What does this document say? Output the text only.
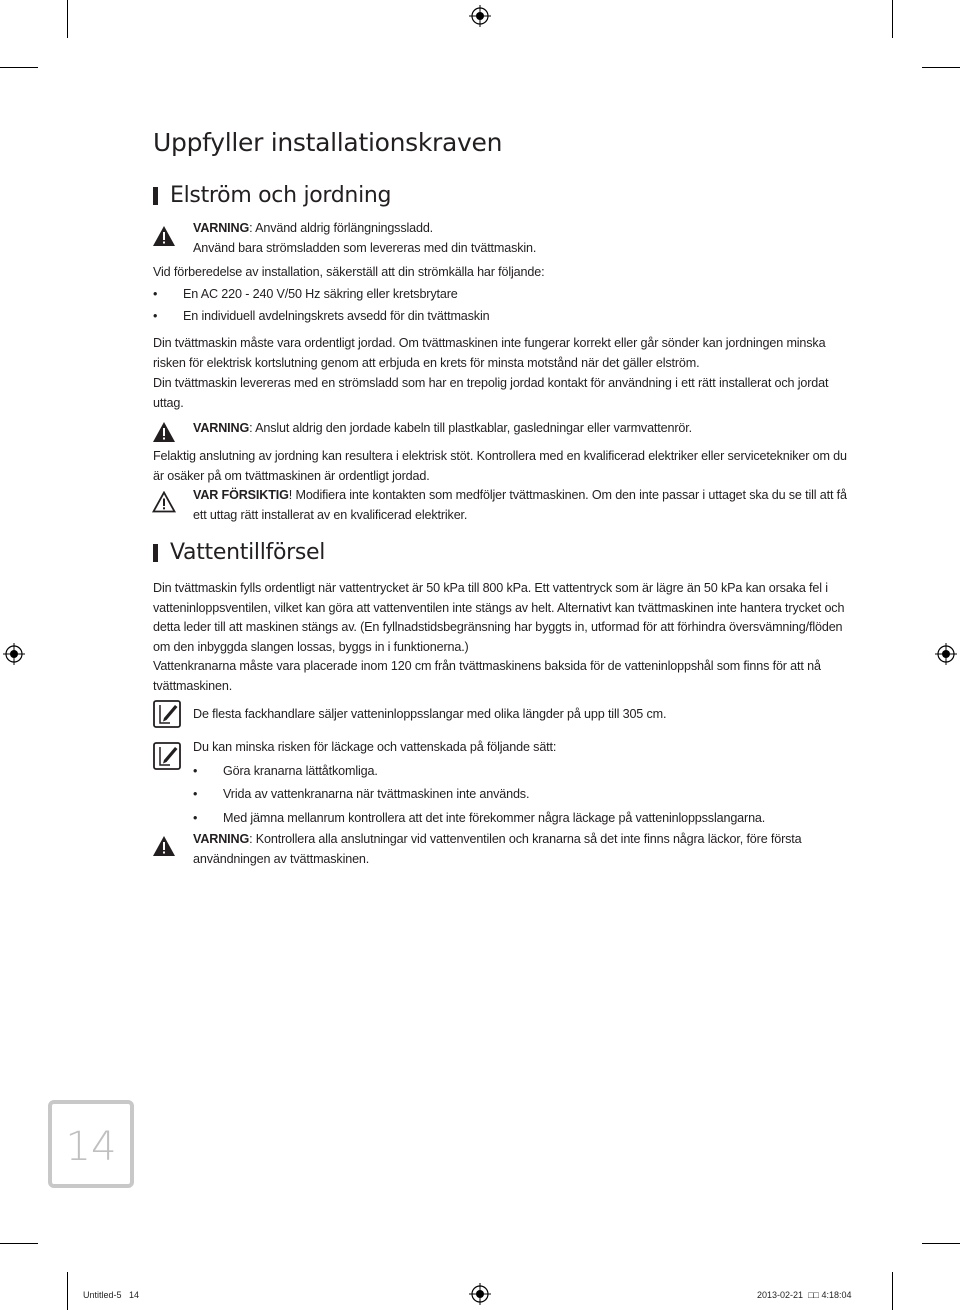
Uppfyller installationskraven
Elström och jordning
VARNING: Använd aldrig förlängningssladd.
Använd bara strömsladden som levereras med din tvättmaskin.
Vid förberedelse av installation, säkerställ att din strömkälla har följande:
•	En AC 220 - 240 V/50 Hz säkring eller kretsbrytare
•	En individuell avdelningskrets avsedd för din tvättmaskin
Din tvättmaskin måste vara ordentligt jordad. Om tvättmaskinen inte fungerar korrekt eller går sönder kan jordningen minska risken för elektrisk kortslutning genom att erbjuda en krets för minsta motstånd när det gäller elström.
Din tvättmaskin levereras med en strömsladd som har en trepolig jordad kontakt för användning i ett rätt installerat och jordat uttag.
VARNING: Anslut aldrig den jordade kabeln till plastkablar, gasledningar eller varmvattenrör.
Felaktig anslutning av jordning kan resultera i elektrisk stöt. Kontrollera med en kvalificerad elektriker eller servicetekniker om du är osäker på om tvättmaskinen är ordentligt jordad.
VAR FÖRSIKTIG! Modifiera inte kontakten som medföljer tvättmaskinen. Om den inte passar i uttaget ska du se till att få ett uttag rätt installerat av en kvalificerad elektriker.
Vattentillförsel
Din tvättmaskin fylls ordentligt när vattentrycket är 50 kPa till 800 kPa. Ett vattentryck som är lägre än 50 kPa kan orsaka fel i vatteninloppsventilen, vilket kan göra att vattenventilen inte stängs av helt. Alternativt kan tvättmaskinen inte hantera trycket och detta leder till att maskinen stängs av. (En fyllnadstidsbegränsning har byggts in, utformad för att förhindra översvämning/flöden om den inbyggda slangen lossas, byggs in i funktionerna.)
Vattenkranarna måste vara placerade inom 120 cm från tvättmaskinens baksida för de vatteninloppshål som finns för att nå tvättmaskinen.
De flesta fackhandlare säljer vatteninloppsslangar med olika längder på upp till 305 cm.
Du kan minska risken för läckage och vattenskada på följande sätt:
•	Göra kranarna lättåtkomliga.
•	Vrida av vattenkranarna när tvättmaskinen inte används.
•	Med jämna mellanrum kontrollera att det inte förekommer några läckage på vatteninloppsslangarna.
VARNING: Kontrollera alla anslutningar vid vattenventilen och kranarna så det inte finns några läckor, före första användningen av tvättmaskinen.
14
Untitled-5 14	2013-02-21 □□ 4:18:04
